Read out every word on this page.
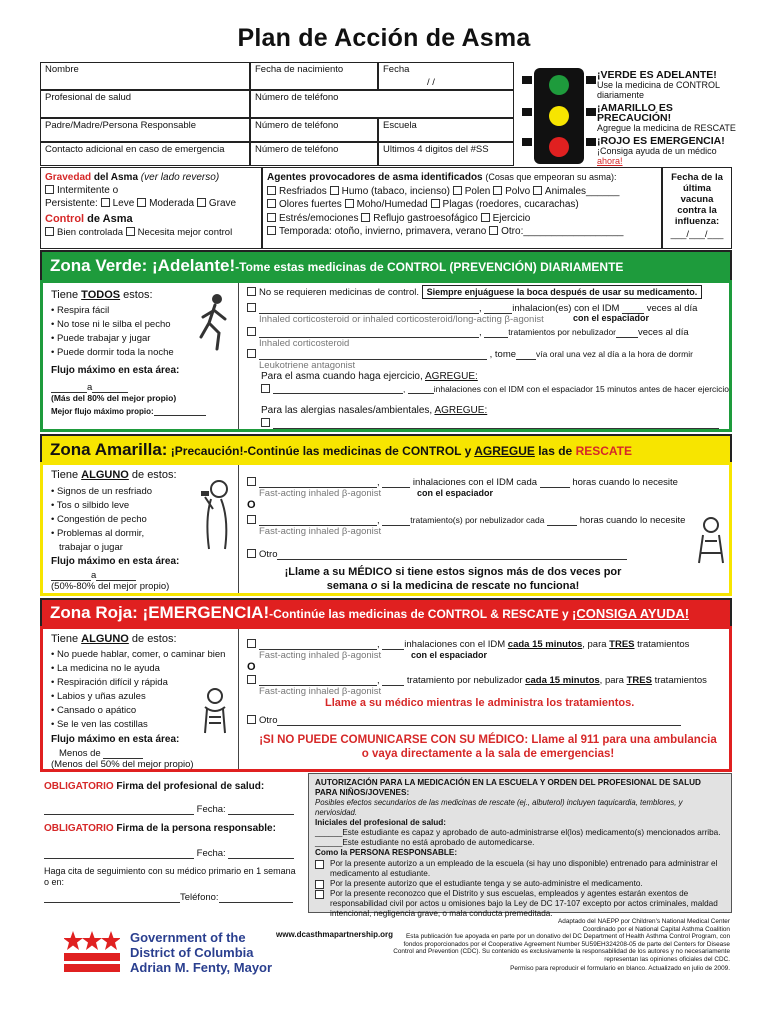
Plan de Acción de Asma
Nombre	Fecha de nacimiento	Fecha
/ /
Profesional de salud	Número de teléfono
Padre/Madre/Persona Responsable	Número de teléfono	Escuela
Contacto adicional en caso de emergencia	Número de teléfono	Ultimos 4 digitos del #SS
¡VERDE ES ADELANTE!
Use la medicina de CONTROL diariamente
¡AMARILLO ES PRECAUCIÓN!
Agregue la medicina de RESCATE
¡ROJO ES EMERGENCIA!
¡Consiga ayuda de un médico ahora!
Gravedad del Asma (ver lado reverso)
Intermitente o
Persistente: Leve Moderada Grave
Control de Asma
Bien controlada Necesita mejor control
Agentes provocadores de asma identificados (Cosas que empeoran su asma):
Resfriados Humo (tabaco, incienso) Polen Polvo Animales______
Olores fuertes Moho/Humedad Plagas (roedores, cucarachas)
Estrés/emociones Reflujo gastroesofágico Ejercicio
Temporada: otoño, invierno, primavera, verano Otro:__________________
Fecha de la última vacuna contra la influenza:
___/___/___
Zona Verde: ¡Adelante!-Tome estas medicinas de CONTROL (PREVENCIÓN) DIARIAMENTE
Tiene TODOS estos:
• Respira fácil
• No tose ni le silba el pecho
• Puede trabajar y jugar
• Puede dormir toda la noche
Flujo máximo en esta área:
a
(Más del 80% del mejor propio)
Mejor flujo máximo propio:
No se requieren medicinas de control. Siempre enjuáguese la boca después de usar su medicamento.
,	inhalacion(es) con el IDM	veces al día
Inhaled corticosteroid or inhaled corticosteroid/long-acting β-agonist	con el espaciador
,	tratamientos por nebulizador veces al día
Inhaled corticosteroid
, tome vía oral una vez al día a la hora de dormir
Leukotriene antagonist
Para el asma cuando haga ejercicio, AGREGUE:
,	inhalaciones con el IDM con el espaciador 15 minutos antes de hacer ejercicio
Para las alergias nasales/ambientales, AGREGUE:
Zona Amarilla: ¡Precaución!-Continúe las medicinas de CONTROL y AGREGUE las de RESCATE
Tiene ALGUNO de estos:
• Signos de un resfriado
• Tos o silbido leve
• Congestión de pecho
• Problemas al dormir,
trabajar o jugar
Flujo máximo en esta área:
a
(50%-80% del mejor propio)
,	inhalaciones con el IDM cada	horas cuando lo necesite
Fast-acting inhaled β-agonist	con el espaciador
O
,	tratamiento(s) por nebulizador cada	horas cuando lo necesite
Fast-acting inhaled β-agonist
Otro
¡Llame a su MÉDICO si tiene estos signos más de dos veces por
semana o si la medicina de rescate no funciona!
Zona Roja: ¡EMERGENCIA!-Continúe las medicinas de CONTROL & RESCATE y ¡CONSIGA AYUDA!
Tiene ALGUNO de estos:
• No puede hablar, comer, o caminar bien
• La medicina no le ayuda
• Respiración difícil y rápida
• Labios y uñas azules
• Cansado o apático
• Se le ven las costillas
Flujo máximo en esta área:
Menos de
(Menos del 50% del mejor propio)
, inhalaciones con el IDM cada 15 minutos, para TRES tratamientos
Fast-acting inhaled β-agonist	con el espaciador
O
,	tratamiento por nebulizador cada 15 minutos, para TRES tratamientos
Fast-acting inhaled β-agonist
Llame a su médico mientras le administra los tratamientos.
Otro
¡SI NO PUEDE COMUNICARSE CON SU MÉDICO: Llame al 911 para una ambulancia
o vaya directamente a la sala de emergencias!
OBLIGATORIO Firma del profesional de salud:
Fecha:
OBLIGATORIO Firma de la persona responsable:
Fecha:
Haga cita de seguimiento con su médico primario en 1 semana o en:
Teléfono:
AUTORIZACIÓN PARA LA MEDICACIÓN EN LA ESCUELA Y ORDEN DEL PROFESIONAL DE SALUD PARA NIÑOS/JOVENES:
Posibles efectos secundarios de las medicinas de rescate (ej., albuterol) incluyen taquicardia, temblores, y nerviosidad.
Iniciales del profesional de salud:
______Este estudiante es capaz y aprobado de auto-administrarse el(los) medicamento(s) mencionados arriba.
______Este estudiante no está aprobado de automedicarse.
Como la PERSONA RESPONSABLE:
Por la presente autorizo a un empleado de la escuela (si hay uno disponible) entrenado para administrar el medicamento al estudiante.
Por la presente autorizo que el estudiante tenga y se auto-administre el medicamento.
Por la presente reconozco que el Distrito y sus escuelas, empleados y agentes estarán exentos de responsabilidad civil por actos u omisiones bajo la Ley de DC 17-107 excepto por actos criminales, maldad intencional, negligencia grave, o mala conducta premeditada.
Government of the
District of Columbia
Adrian M. Fenty, Mayor
www.dcasthmapartnership.org
Adaptado del NAEPP por Children's National Medical Center
Coordinado por el National Capital Asthma Coalition
Esta publicación fue apoyada en parte por un donativo del DC Department of Health Asthma Control Program, con fondos proporcionados por el Cooperative Agreement Number 5U59EH324208-05 de parte del Centers for Disease Control and Prevention (CDC). Su contenido es exclusivamente la responsabilidad de los autores y no necesariamente representan las opiniones oficiales del CDC.
Permiso para reproducir el formulario en blanco. Actualizado en julio de 2009.
